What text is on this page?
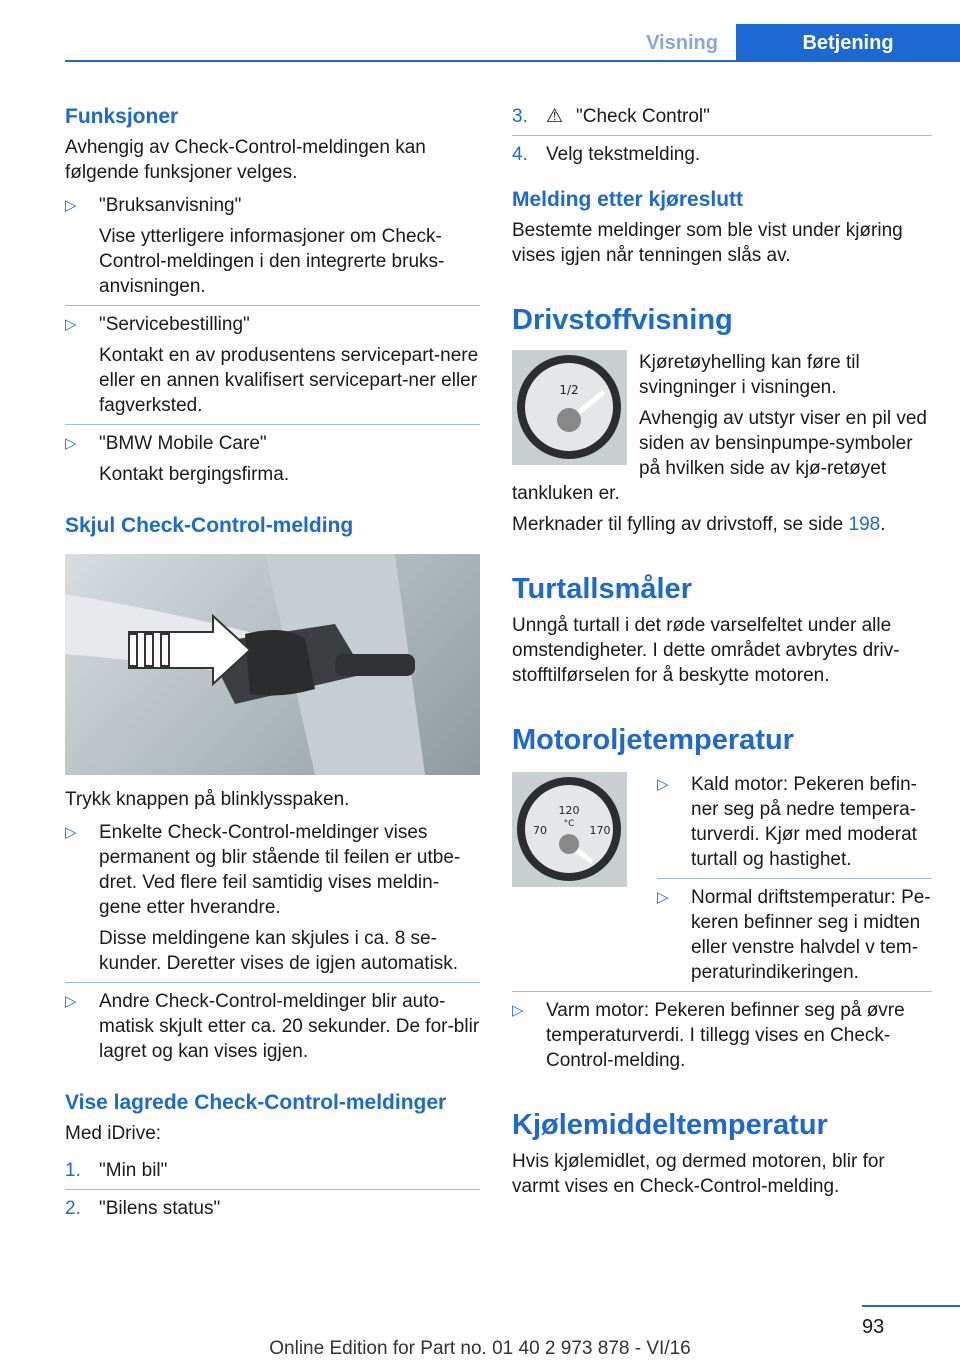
Visning	Betjening
Funksjoner

Avhengig av Check-Control-meldingen kan følgende funksjoner velges.

▷ "Bruksanvisning"

Vise ytterligere informasjoner om Check-Control-meldingen i den integrerte bruks-anvisningen.

▷ "Servicebestilling"

Kontakt en av produsentens servicepart-nere eller en annen kvalifisert servicepart-ner eller fagverksted.

▷ "BMW Mobile Care"

Kontakt bergingsfirma.

Skjul Check-Control-melding

Trykk knappen på blinklysspaken.

▷ Enkelte Check-Control-meldinger vises permanent og blir stående til feilen er utbe-dret. Ved flere feil samtidig vises meldin-gene etter hverandre.

Disse meldingene kan skjules i ca. 8 se-kunder. Deretter vises de igjen automatisk.

▷ Andre Check-Control-meldinger blir auto-matisk skjult etter ca. 20 sekunder. De for-blir lagret og kan vises igjen.

Vise lagrede Check-Control-meldinger

Med iDrive:

1. "Min bil"

2. "Bilens status"

3. ⚠ "Check Control"

4. Velg tekstmelding.

Melding etter kjøreslutt

Bestemte meldinger som ble vist under kjøring vises igjen når tenningen slås av.

Drivstoffvisning
1/2

Kjøretøyhelling kan føre til svingninger i visningen.

Avhengig av utstyr viser en pil ved siden av bensinpumpe-symboler på hvilken side av kjø-retøyet tankluken er.

Merknader til fylling av drivstoff, se side 198.

Turtallsmåler

Unngå turtall i det røde varselfeltet under alle omstendigheter. I dette området avbrytes driv-stofftilførselen for å beskytte motoren.

Motoroljetemperatur
120
°C
70	170
▷ Kald motor: Pekeren befin-ner seg på nedre tempera-turverdi. Kjør med moderat turtall og hastighet.

▷ Normal driftstemperatur: Pe-keren befinner seg i midten eller venstre halvdel v tem-peraturindikeringen.

▷ Varm motor: Pekeren befinner seg på øvre temperaturverdi. I tillegg vises en Check-Control-melding.

Kjølemiddeltemperatur

Hvis kjølemidlet, og dermed motoren, blir for varmt vises en Check-Control-melding.

93
Online Edition for Part no. 01 40 2 973 878 - VI/16
